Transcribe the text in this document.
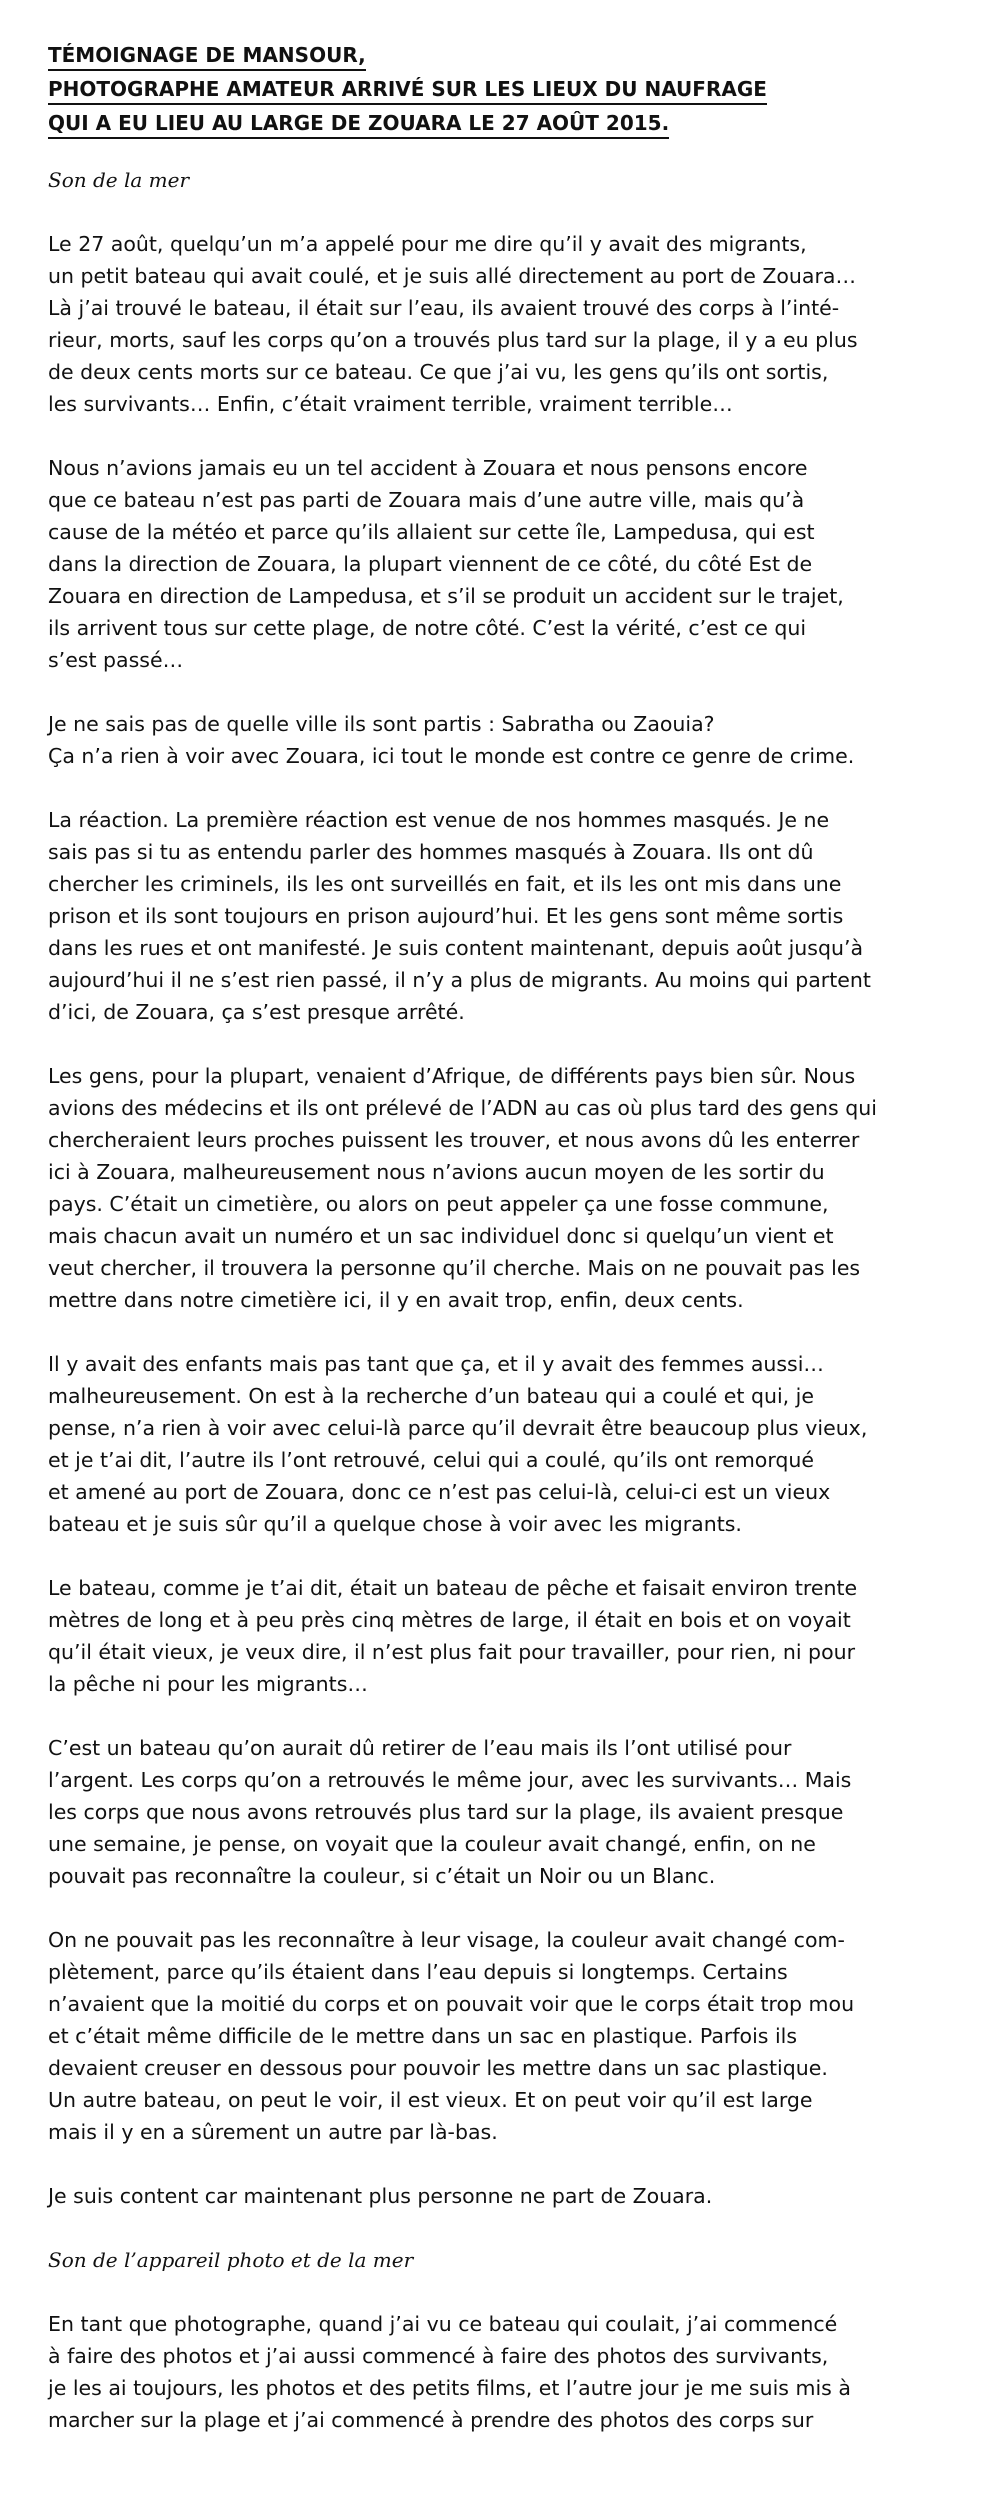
TÉMOIGNAGE DE MANSOUR,
PHOTOGRAPHE AMATEUR ARRIVÉ SUR LES LIEUX DU NAUFRAGE
QUI A EU LIEU AU LARGE DE ZOUARA LE 27 AOÛT 2015.
Son de la mer
Le 27 août, quelqu’un m’a appelé pour me dire qu’il y avait des migrants,
un petit bateau qui avait coulé, et je suis allé directement au port de Zouara…
Là j’ai trouvé le bateau, il était sur l’eau, ils avaient trouvé des corps à l’inté-
rieur, morts, sauf les corps qu’on a trouvés plus tard sur la plage, il y a eu plus
de deux cents morts sur ce bateau. Ce que j’ai vu, les gens qu’ils ont sortis,
les survivants… Enfin, c’était vraiment terrible, vraiment terrible…
Nous n’avions jamais eu un tel accident à Zouara et nous pensons encore
que ce bateau n’est pas parti de Zouara mais d’une autre ville, mais qu’à
cause de la météo et parce qu’ils allaient sur cette île, Lampedusa, qui est
dans la direction de Zouara, la plupart viennent de ce côté, du côté Est de
Zouara en direction de Lampedusa, et s’il se produit un accident sur le trajet,
ils arrivent tous sur cette plage, de notre côté. C’est la vérité, c’est ce qui
s’est passé…
Je ne sais pas de quelle ville ils sont partis : Sabratha ou Zaouia?
Ça n’a rien à voir avec Zouara, ici tout le monde est contre ce genre de crime.
La réaction. La première réaction est venue de nos hommes masqués. Je ne
sais pas si tu as entendu parler des hommes masqués à Zouara. Ils ont dû
chercher les criminels, ils les ont surveillés en fait, et ils les ont mis dans une
prison et ils sont toujours en prison aujourd’hui. Et les gens sont même sortis
dans les rues et ont manifesté. Je suis content maintenant, depuis août jusqu’à
aujourd’hui il ne s’est rien passé, il n’y a plus de migrants. Au moins qui partent
d’ici, de Zouara, ça s’est presque arrêté.
Les gens, pour la plupart, venaient d’Afrique, de différents pays bien sûr. Nous
avions des médecins et ils ont prélevé de l’ADN au cas où plus tard des gens qui
chercheraient leurs proches puissent les trouver, et nous avons dû les enterrer
ici à Zouara, malheureusement nous n’avions aucun moyen de les sortir du
pays. C’était un cimetière, ou alors on peut appeler ça une fosse commune,
mais chacun avait un numéro et un sac individuel donc si quelqu’un vient et
veut chercher, il trouvera la personne qu’il cherche. Mais on ne pouvait pas les
mettre dans notre cimetière ici, il y en avait trop, enfin, deux cents.
Il y avait des enfants mais pas tant que ça, et il y avait des femmes aussi…
malheureusement. On est à la recherche d’un bateau qui a coulé et qui, je
pense, n’a rien à voir avec celui-là parce qu’il devrait être beaucoup plus vieux,
et je t’ai dit, l’autre ils l’ont retrouvé, celui qui a coulé, qu’ils ont remorqué
et amené au port de Zouara, donc ce n’est pas celui-là, celui-ci est un vieux
bateau et je suis sûr qu’il a quelque chose à voir avec les migrants.
Le bateau, comme je t’ai dit, était un bateau de pêche et faisait environ trente
mètres de long et à peu près cinq mètres de large, il était en bois et on voyait
qu’il était vieux, je veux dire, il n’est plus fait pour travailler, pour rien, ni pour
la pêche ni pour les migrants…
C’est un bateau qu’on aurait dû retirer de l’eau mais ils l’ont utilisé pour
l’argent. Les corps qu’on a retrouvés le même jour, avec les survivants… Mais
les corps que nous avons retrouvés plus tard sur la plage, ils avaient presque
une semaine, je pense, on voyait que la couleur avait changé, enfin, on ne
pouvait pas reconnaître la couleur, si c’était un Noir ou un Blanc.
On ne pouvait pas les reconnaître à leur visage, la couleur avait changé com-
plètement, parce qu’ils étaient dans l’eau depuis si longtemps. Certains
n’avaient que la moitié du corps et on pouvait voir que le corps était trop mou
et c’était même difficile de le mettre dans un sac en plastique. Parfois ils
devaient creuser en dessous pour pouvoir les mettre dans un sac plastique.
Un autre bateau, on peut le voir, il est vieux. Et on peut voir qu’il est large
mais il y en a sûrement un autre par là-bas.
Je suis content car maintenant plus personne ne part de Zouara.
Son de l’appareil photo et de la mer
En tant que photographe, quand j’ai vu ce bateau qui coulait, j’ai commencé
à faire des photos et j’ai aussi commencé à faire des photos des survivants,
je les ai toujours, les photos et des petits films, et l’autre jour je me suis mis à
marcher sur la plage et j’ai commencé à prendre des photos des corps sur
